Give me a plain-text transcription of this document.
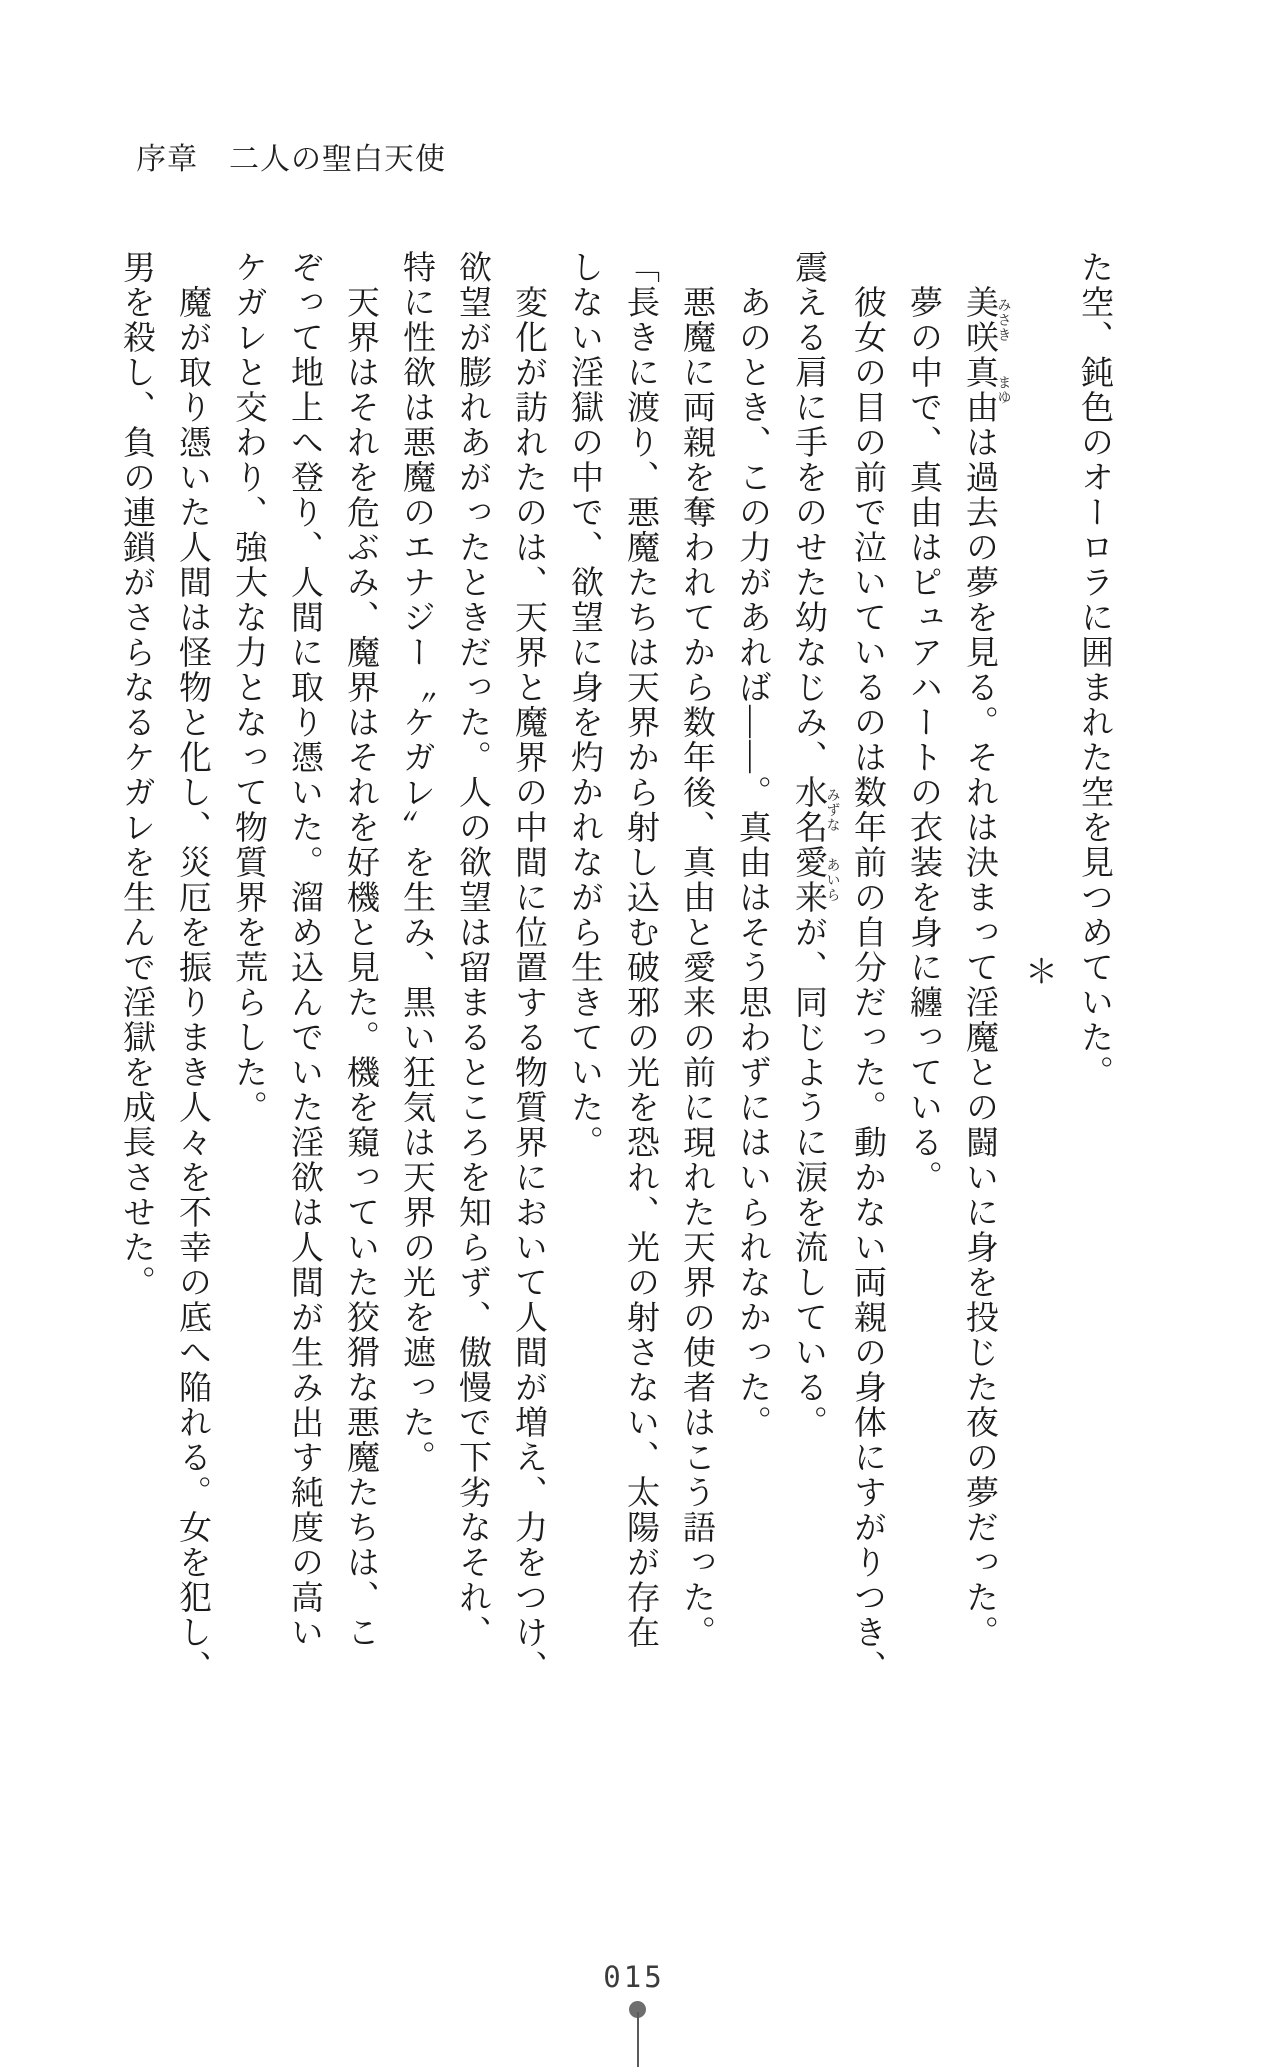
序章　二人の聖白天使
た空、鈍色のオーロラに囲まれた空を見つめていた。
＊
　美咲みさき真由まゆは過去の夢を見る。それは決まって淫魔との闘いに身を投じた夜の夢だった。
　夢の中で、真由はピュアハートの衣装を身に纏っている。
　彼女の目の前で泣いているのは数年前の自分だった。動かない両親の身体にすがりつき、
震える肩に手をのせた幼なじみ、水名みずな愛来あいらが、同じように涙を流している。
　あのとき、この力があれば――。真由はそう思わずにはいられなかった。
　悪魔に両親を奪われてから数年後、真由と愛来の前に現れた天界の使者はこう語った。
「長きに渡り、悪魔たちは天界から射し込む破邪の光を恐れ、光の射さない、太陽が存在
しない淫獄の中で、欲望に身を灼かれながら生きていた。
　変化が訪れたのは、天界と魔界の中間に位置する物質界において人間が増え、力をつけ、
欲望が膨れあがったときだった。人の欲望は留まるところを知らず、傲慢で下劣なそれ、
特に性欲は悪魔のエナジー〝ケガレ〟を生み、黒い狂気は天界の光を遮った。
　天界はそれを危ぶみ、魔界はそれを好機と見た。機を窺っていた狡猾な悪魔たちは、こ
ぞって地上へ登り、人間に取り憑いた。溜め込んでいた淫欲は人間が生み出す純度の高い
ケガレと交わり、強大な力となって物質界を荒らした。
　魔が取り憑いた人間は怪物と化し、災厄を振りまき人々を不幸の底へ陥れる。女を犯し、
男を殺し、負の連鎖がさらなるケガレを生んで淫獄を成長させた。
015
